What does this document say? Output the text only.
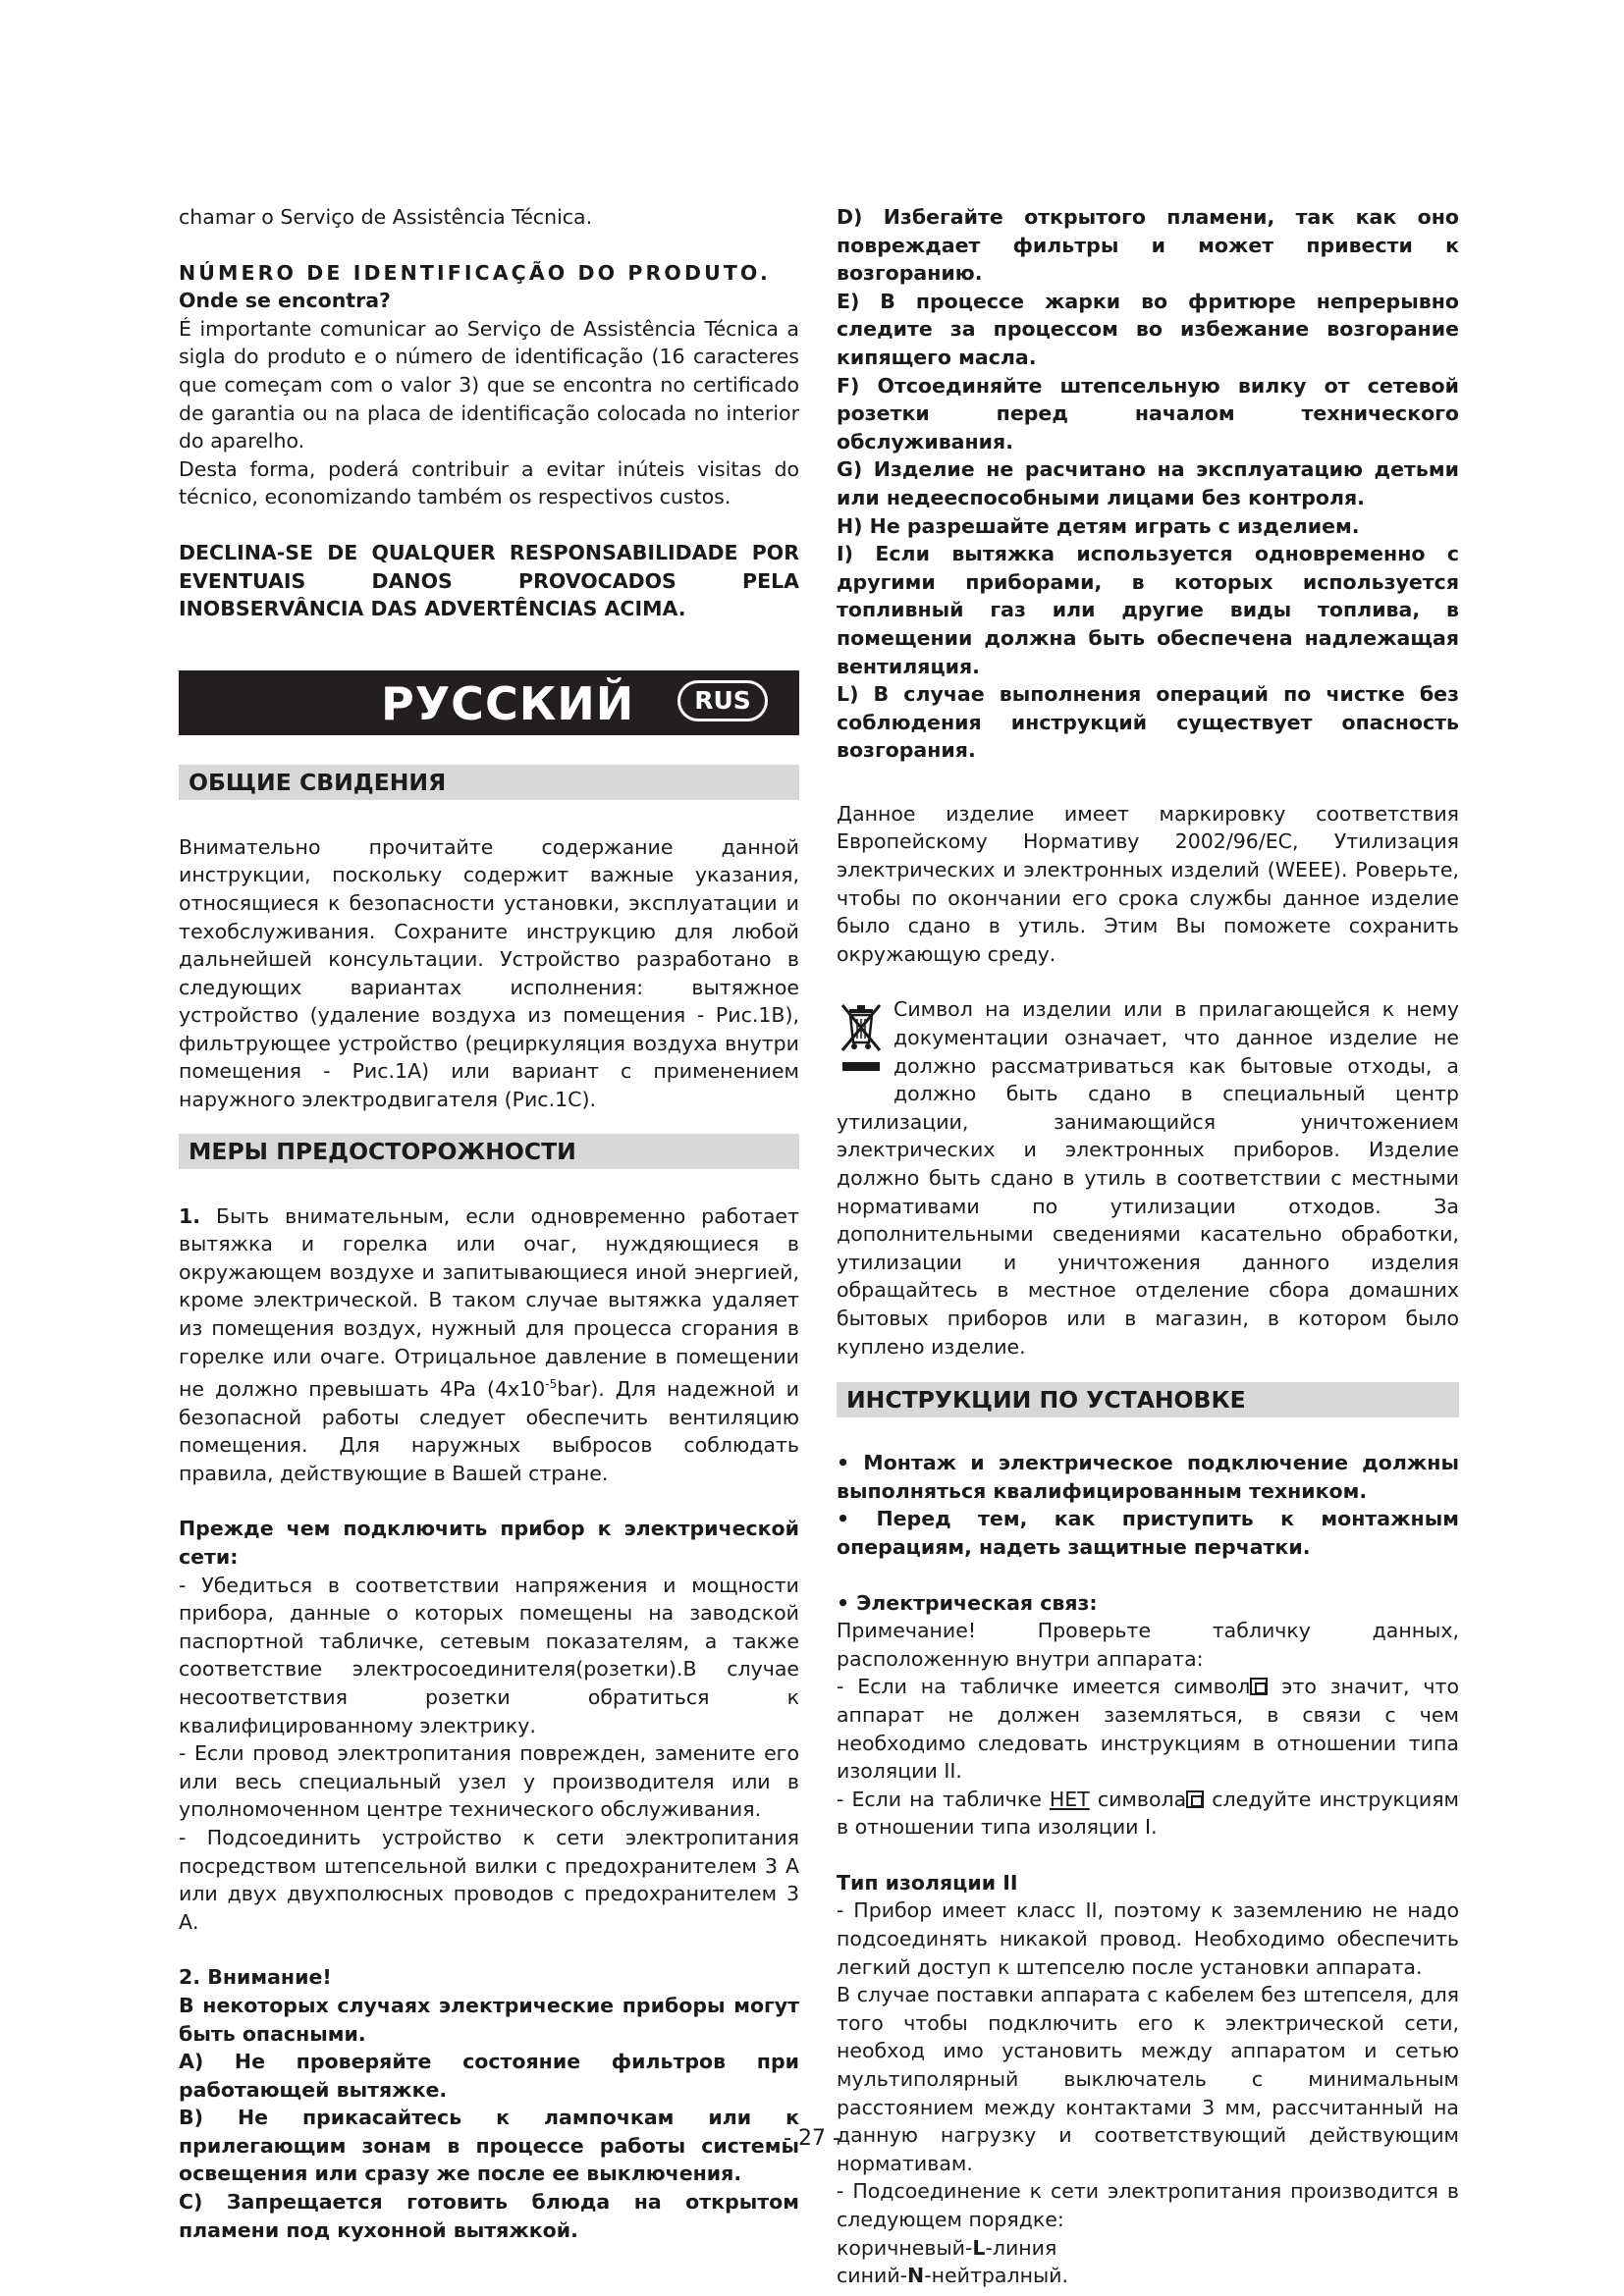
chamar o Serviço de Assistência Técnica.

NÚMERO DE IDENTIFICAÇÃO DO PRODUTO.

Onde se encontra?

É importante comunicar ao Serviço de Assistência Técnica a sigla do produto e o número de identificação (16 caracteres que começam com o valor 3) que se encontra no certificado de garantia ou na placa de identificação colocada no interior do aparelho.

Desta forma, poderá contribuir a evitar inúteis visitas do técnico, economizando também os respectivos custos.

DECLINA-SE DE QUALQUER RESPONSABILIDADE POR EVENTUAIS DANOS PROVOCADOS PELA INOBSERVÂNCIA DAS ADVERTÊNCIAS ACIMA.

РУССКИЙ	RUS
ОБЩИЕ СВИДЕНИЯ

Внимательно прочитайте содержание данной инструкции, поскольку содержит важные указания, относящиеся к безопасности установки, эксплуатации и техобслуживания. Сохраните инструкцию для любой дальнейшей консультации. Устройство разработано в следующих вариантах исполнения: вытяжное устройство (удаление воздуха из помещения - Рис.1В), фильтрующее устройство (рециркуляция воздуха внутри помещения - Рис.1А) или вариант с применением наружного электродвигателя (Рис.1С).

МЕРЫ ПРЕДОСТОРОЖНОСТИ

1. Быть внимательным, если одновременно работает вытяжка и горелка или очаг, нуждяющиеся в окружающем воздухе и запитывающиеся иной энергией, кроме электрической. В таком случае вытяжка удаляет из помещения воздух, нужный для процесса сгорания в горелке или очаге. Отрицальное давление в помещении не должно превышать 4Pa $(4x10^{-5}bar)$. Для надежной и безопасной работы следует обеспечить вентиляцию помещения. Для наружных выбросов соблюдать правила, действующие в Вашей стране.

Прежде чем подключить прибор к электрической сети:

- Убедиться в соответствии напряжения и мощности прибора, данные о которых помещены на заводской паспортной табличке, сетевым показателям, а также соответствие электросоединителя(розетки).В случае несоответствия розетки обратиться к квалифицированному электрику.

- Если провод электропитания поврежден, замените его или весь специальный узел у производителя или в уполномоченном центре технического обслуживания.

- Подсоединить устройство к сети электропитания посредством штепсельной вилки с предохранителем 3 А или двух двухполюсных проводов с предохранителем 3 А.

2. Внимание!

В некоторых случаях электрические приборы могут быть опасными.

А) Не проверяйте состояние фильтров при работающей вытяжке.

В) Не прикасайтесь к лампочкам или к прилегающим зонам в процессе работы системы освещения или сразу же после ее выключения.

С) Запрещается готовить блюда на открытом пламени под кухонной вытяжкой.

D) Избегайте открытого пламени, так как оно повреждает фильтры и может привести к возгоранию.

Е) В процессе жарки во фритюре непрерывно следите за процессом во избежание возгорание кипящего масла.

F) Отсоединяйте штепсельную вилку от сетевой розетки перед началом технического обслуживания.

G) Изделие не расчитано на эксплуатацию детьми или недееспособными лицами без контроля.

H) Не разрешайте детям играть с изделием.

I) Если вытяжка используется одновременно с другими приборами, в которых используется топливный газ или другие виды топлива, в помещении должна быть обеспечена надлежащая вентиляция.

L) В случае выполнения операций по чистке без соблюдения инструкций существует опасность возгорания.

Данное изделие имеет маркировку соответствия Европейскому Нормативу 2002/96/EC, Утилизация электрических и электронных изделий (WEEE). Роверьте, чтобы по окончании его срока службы данное изделие было сдано в утиль. Этим Вы поможете сохранить окружающую среду.

Символ на изделии или в прилагающейся к нему документации означает, что данное изделие не должно рассматриваться как бытовые отходы, а должно быть сдано в специальный центр утилизации, занимающийся уничтожением электрических и электронных приборов. Изделие должно быть сдано в утиль в соответствии с местными нормативами по утилизации отходов. За дополнительными сведениями касательно обработки, утилизации и уничтожения данного изделия обращайтесь в местное отделение сбора домашних бытовых приборов или в магазин, в котором было куплено изделие.

ИНСТРУКЦИИ ПО УСТАНОВКЕ

• Монтаж и электрическое подключение должны выполняться квалифицированным техником.

• Перед тем, как приступить к монтажным операциям, надеть защитные перчатки.

• Электрическая связ:

Примечание! Проверьте табличку данных, расположенную внутри аппарата:

- Если на табличке имеется символ это значит, что аппарат не должен заземляться, в связи с чем необходимо следовать инструкциям в отношении типа изоляции II.

- Если на табличке НЕТ символа следуйте инструкциям в отношении типа изоляции I.

Тип изоляции II

- Прибор имеет класс II, поэтому к заземлению не надо подсоединять никакой провод. Необходимо обеспечить легкий доступ к штепселю после установки аппарата.

В случае поставки аппарата с кабелем без штепселя, для того чтобы подключить его к электрической сети, необход имо установить между аппаратом и сетью мультиполярный выключатель с минимальным расстоянием между контактами 3 мм, рассчитанный на данную нагрузку и соответствующий действующим нормативам.

- Подсоединение к сети электропитания производится в следующем порядке:

коричневый-L-линия

синий-N-нейтралный.

- 27 -
